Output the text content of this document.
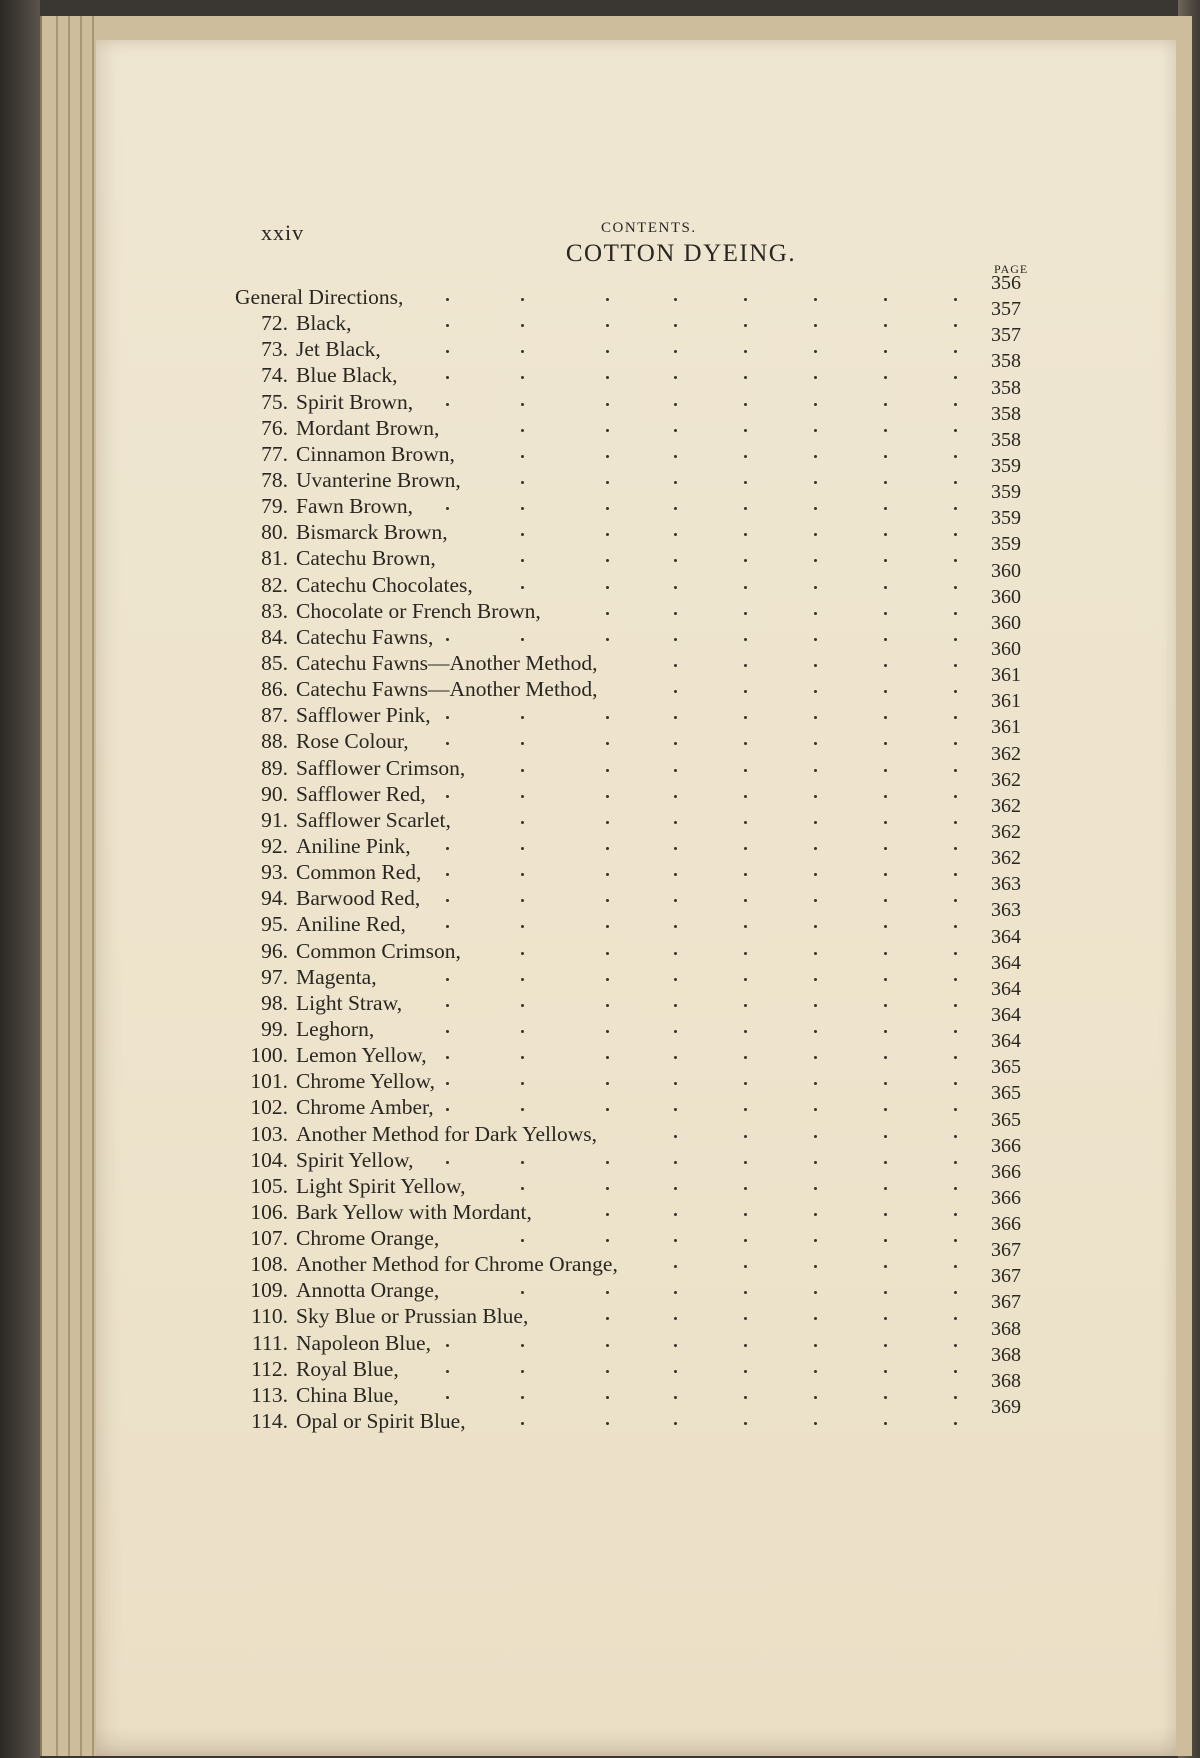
xxiv	CONTENTS.
COTTON DYEING.
PAGE
General Directions,
356
72. Black,
357
73. Jet Black,
357
74. Blue Black,
358
75. Spirit Brown,
358
76. Mordant Brown,
358
77. Cinnamon Brown,
358
78. Uvanterine Brown,
359
79. Fawn Brown,
359
80. Bismarck Brown,
359
81. Catechu Brown,
359
82. Catechu Chocolates,
360
83. Chocolate or French Brown,
360
84. Catechu Fawns,
360
85. Catechu Fawns—Another Method,
360
86. Catechu Fawns—Another Method,
361
87. Safflower Pink,
361
88. Rose Colour,
361
89. Safflower Crimson,
362
90. Safflower Red,
362
91. Safflower Scarlet,
362
92. Aniline Pink,
362
93. Common Red,
362
94. Barwood Red,
363
95. Aniline Red,
363
96. Common Crimson,
364
97. Magenta,
364
98. Light Straw,
364
99. Leghorn,
364
100. Lemon Yellow,
364
101. Chrome Yellow,
365
102. Chrome Amber,
365
103. Another Method for Dark Yellows,
365
104. Spirit Yellow,
366
105. Light Spirit Yellow,
366
106. Bark Yellow with Mordant,
366
107. Chrome Orange,
366
108. Another Method for Chrome Orange,
367
109. Annotta Orange,
367
110. Sky Blue or Prussian Blue,
367
111. Napoleon Blue,
368
112. Royal Blue,
368
113. China Blue,
368
114. Opal or Spirit Blue,
369
